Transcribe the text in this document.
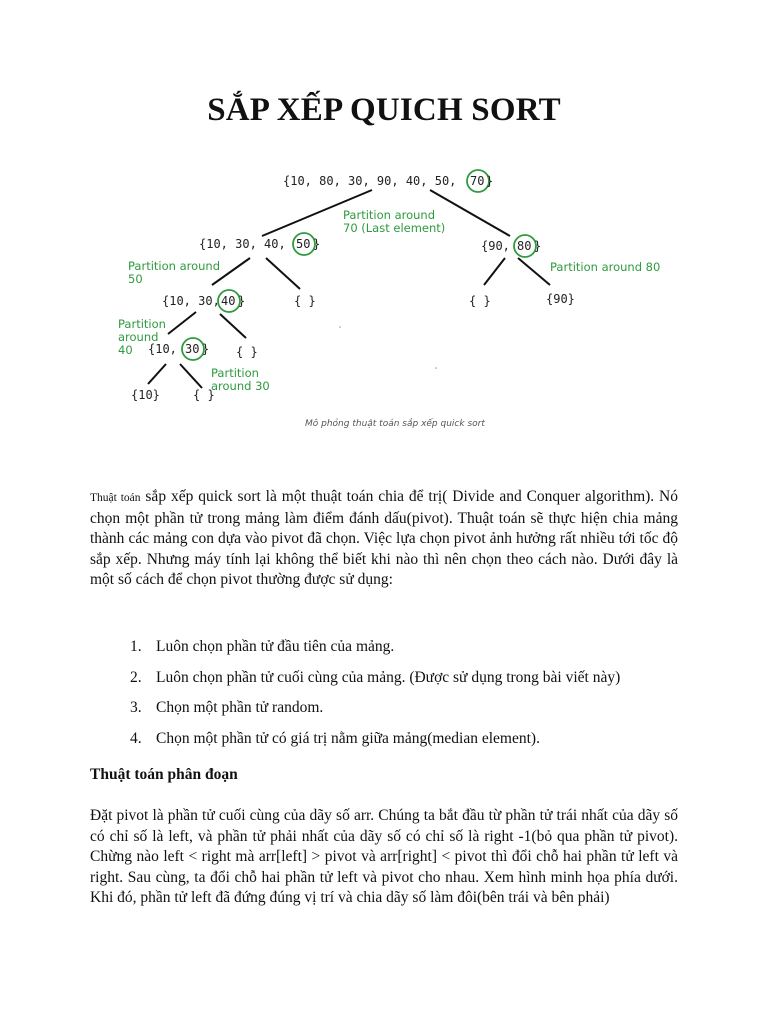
SẮP XẾP QUICH SORT
{10, 80, 30, 90, 40, 50, 70 }
{10, 30, 40, 50 }	{90, 80 }
{10, 30, 40 }	{ }	{ }	{90}
{10, 30 } { }
{10}	{ }
Partition around
70 (Last element)
Partition around
50
Partition around 80
Partition
around
40
Partition
around 30
Mô phỏng thuật toán sắp xếp quick sort

Thuật toán sắp xếp quick sort là một thuật toán chia để trị( Divide and Conquer algorithm). Nó chọn một phần tử trong mảng làm điểm đánh dấu(pivot). Thuật toán sẽ thực hiện chia mảng thành các mảng con dựa vào pivot đã chọn. Việc lựa chọn pivot ảnh hưởng rất nhiều tới tốc độ sắp xếp. Nhưng máy tính lại không thể biết khi nào thì nên chọn theo cách nào. Dưới đây là một số cách để chọn pivot thường được sử dụng:

1. Luôn chọn phần tử đầu tiên của mảng.
2. Luôn chọn phần tử cuối cùng của mảng. (Được sử dụng trong bài viết này)
3. Chọn một phần tử random.
4. Chọn một phần tử có giá trị nằm giữa mảng(median element).
Thuật toán phân đoạn

Đặt pivot là phần tử cuối cùng của dãy số arr. Chúng ta bắt đầu từ phần tử trái nhất của dãy số có chỉ số là left, và phần tử phải nhất của dãy số có chỉ số là right -1(bỏ qua phần tử pivot). Chừng nào left < right mà arr[left] > pivot và arr[right] < pivot thì đổi chỗ hai phần tử left và right. Sau cùng, ta đổi chỗ hai phần tử left và pivot cho nhau. Xem hình minh họa phía dưới. Khi đó, phần tử left đã đứng đúng vị trí và chia dãy số làm đôi(bên trái và bên phải)
